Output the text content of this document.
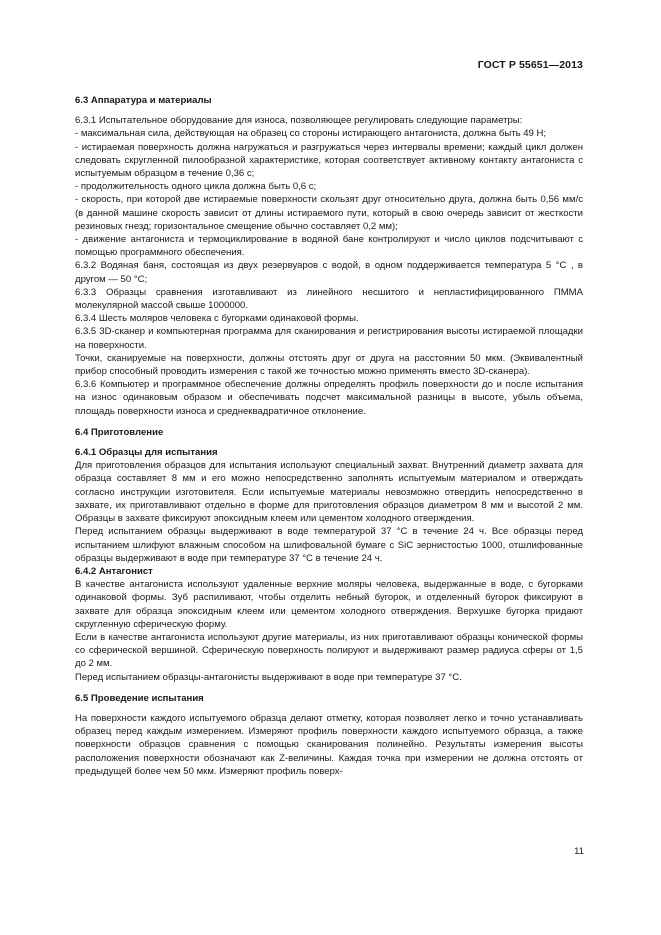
ГОСТ Р 55651—2013

6.3 Аппаратура и материалы

6.3.1 Испытательное оборудование для износа, позволяющее регулировать следующие параметры:

- максимальная сила, действующая на образец со стороны истирающего антагониста, должна быть 49 Н;

- истираемая поверхность должна нагружаться и разгружаться через интервалы времени; каждый цикл должен следовать скругленной пилообразной характеристике, которая соответствует активному контакту антагониста с испытуемым образцом в течение 0,36 с;

- продолжительность одного цикла должна быть 0,6 с;

- скорость, при которой две истираемые поверхности скользят друг относительно друга, должна быть 0,56 мм/с (в данной машине скорость зависит от длины истираемого пути, который в свою очередь зависит от жесткости резиновых гнезд; горизонтальное смещение обычно составляет 0,2 мм);

- движение антагониста и термоциклирование в водяной бане контролируют и число циклов подсчитывают с помощью программного обеспечения.

6.3.2 Водяная баня, состоящая из двух резервуаров с водой, в одном поддерживается температура 5 °С , в другом — 50 °С;

6.3.3 Образцы сравнения изготавливают из линейного несшитого и непластифицированного ПММА молекулярной массой свыше 1000000.

6.3.4 Шесть моляров человека с бугорками одинаковой формы.

6.3.5 3D-сканер и компьютерная программа для сканирования и регистрирования высоты истираемой площадки на поверхности.

Точки, сканируемые на поверхности, должны отстоять друг от друга на расстоянии 50 мкм. (Эквивалентный прибор способный проводить измерения с такой же точностью можно применять вместо 3D-сканера).

6.3.6 Компьютер и программное обеспечение должны определять профиль поверхности до и после испытания на износ одинаковым образом и обеспечивать подсчет максимальной разницы в высоте, убыль объема, площадь поверхности износа и среднеквадратичное отклонение.

6.4 Приготовление

6.4.1 Образцы для испытания

Для приготовления образцов для испытания используют специальный захват. Внутренний диаметр захвата для образца составляет 8 мм и его можно непосредственно заполнять испытуемым материалом и отверждать согласно инструкции изготовителя. Если испытуемые материалы невозможно отвердить непосредственно в захвате, их приготавливают отдельно в форме для приготовления образцов диаметром 8 мм и высотой 2 мм. Образцы в захвате фиксируют эпоксидным клеем или цементом холодного отверждения.

Перед испытанием образцы выдерживают в воде температурой 37 °С в течение 24 ч. Все образцы перед испытанием шлифуют влажным способом на шлифовальной бумаге с SiC зернистостью 1000, отшлифованные образцы выдерживают в воде при температуре 37 °С в течение 24 ч.

6.4.2 Антагонист

В качестве антагониста используют удаленные верхние моляры человека, выдержанные в воде, с бугорками одинаковой формы. Зуб распиливают, чтобы отделить небный бугорок, и отделенный бугорок фиксируют в захвате для образца эпоксидным клеем или цементом холодного отверждения. Верхушке бугорка придают скругленную сферическую форму.

Если в качестве антагониста используют другие материалы, из них приготавливают образцы конической формы со сферической вершиной. Сферическую поверхность полируют и выдерживают размер радиуса сферы от 1,5 до 2 мм.

Перед испытанием образцы-антагонисты выдерживают в воде при температуре 37 °С.

6.5 Проведение испытания

На поверхности каждого испытуемого образца делают отметку, которая позволяет легко и точно устанавливать образец перед каждым измерением. Измеряют профиль поверхности каждого испытуемого образца, а также поверхности образцов сравнения с помощью сканирования полинейно. Результаты измерения высоты расположения поверхности обозначают как Z-величины. Каждая точка при измерении не должна отстоять от предыдущей более чем 50 мкм. Измеряют профиль поверх-

11
